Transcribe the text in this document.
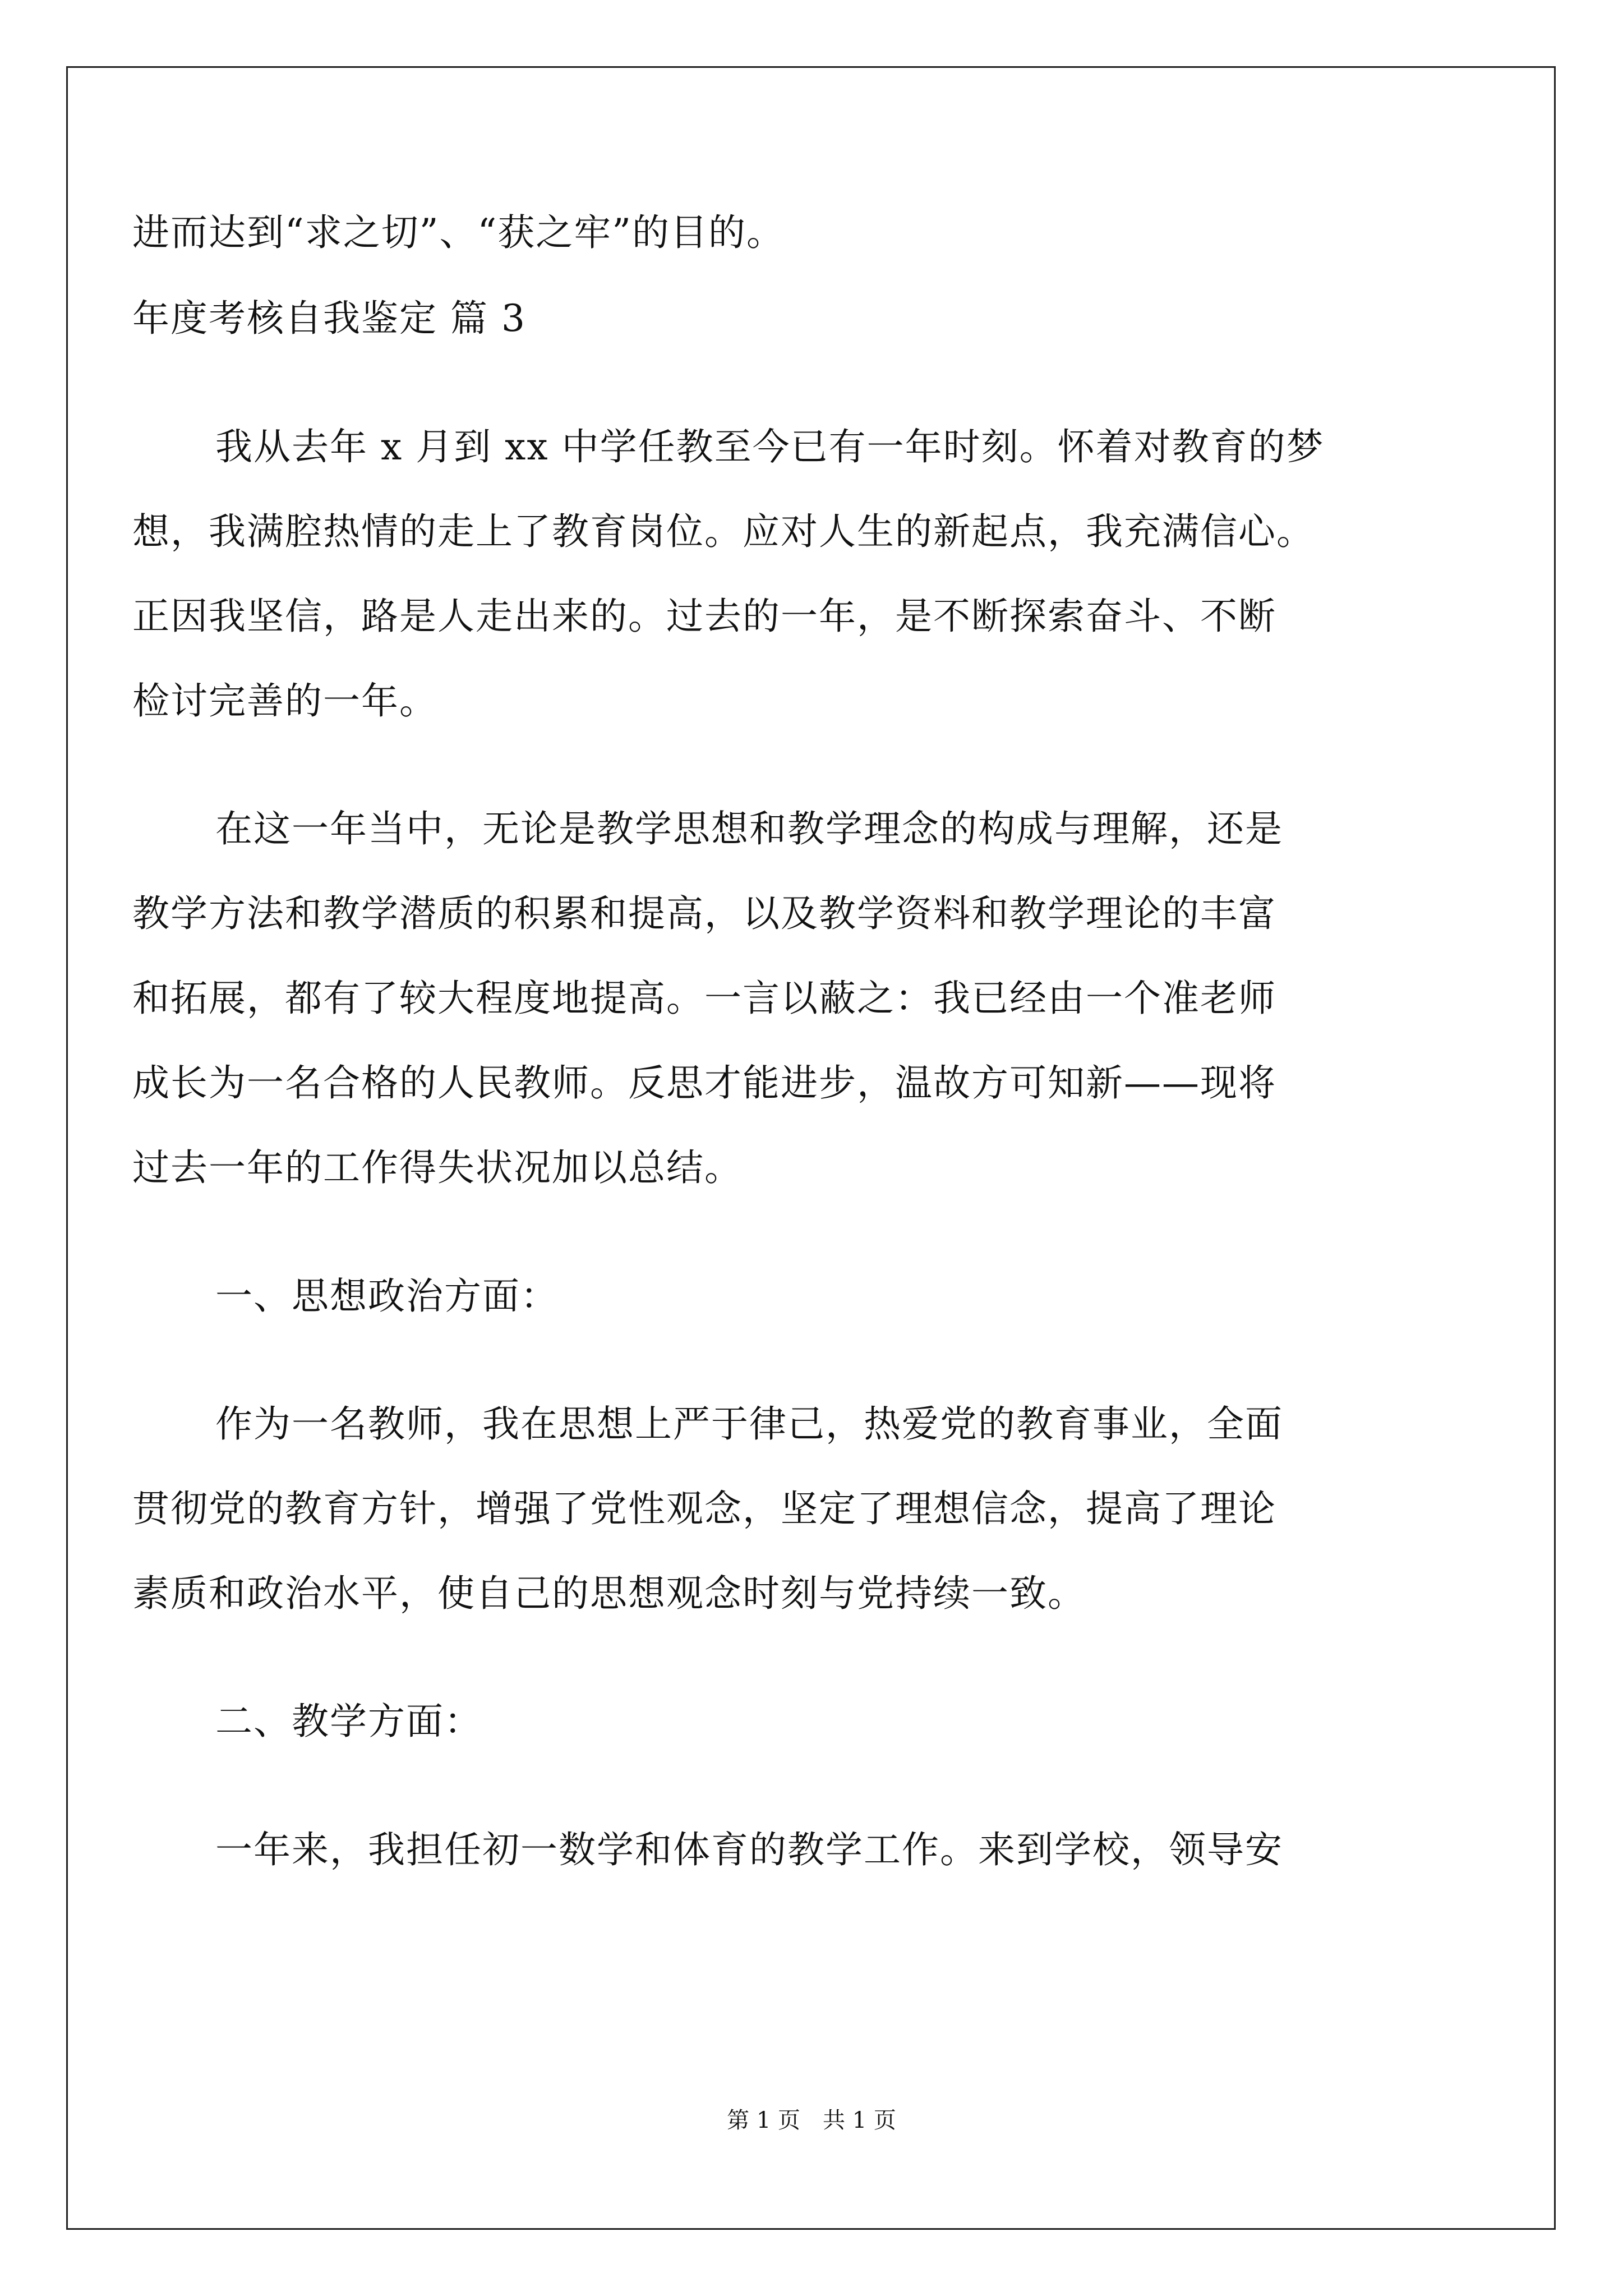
进而达到“求之切”、“获之牢”的目的。
年度考核自我鉴定 篇 3
我从去年 x 月到 xx 中学任教至今已有一年时刻。怀着对教育的梦
想，我满腔热情的走上了教育岗位。应对人生的新起点，我充满信心。
正因我坚信，路是人走出来的。过去的一年，是不断探索奋斗、不断
检讨完善的一年。
在这一年当中，无论是教学思想和教学理念的构成与理解，还是
教学方法和教学潜质的积累和提高，以及教学资料和教学理论的丰富
和拓展，都有了较大程度地提高。一言以蔽之：我已经由一个准老师
成长为一名合格的人民教师。反思才能进步，温故方可知新——现将
过去一年的工作得失状况加以总结。
一、思想政治方面：
作为一名教师，我在思想上严于律己，热爱党的教育事业，全面
贯彻党的教育方针，增强了党性观念，坚定了理想信念，提高了理论
素质和政治水平，使自己的思想观念时刻与党持续一致。
二、教学方面：
一年来，我担任初一数学和体育的教学工作。来到学校，领导安
第 1 页　共 1 页
